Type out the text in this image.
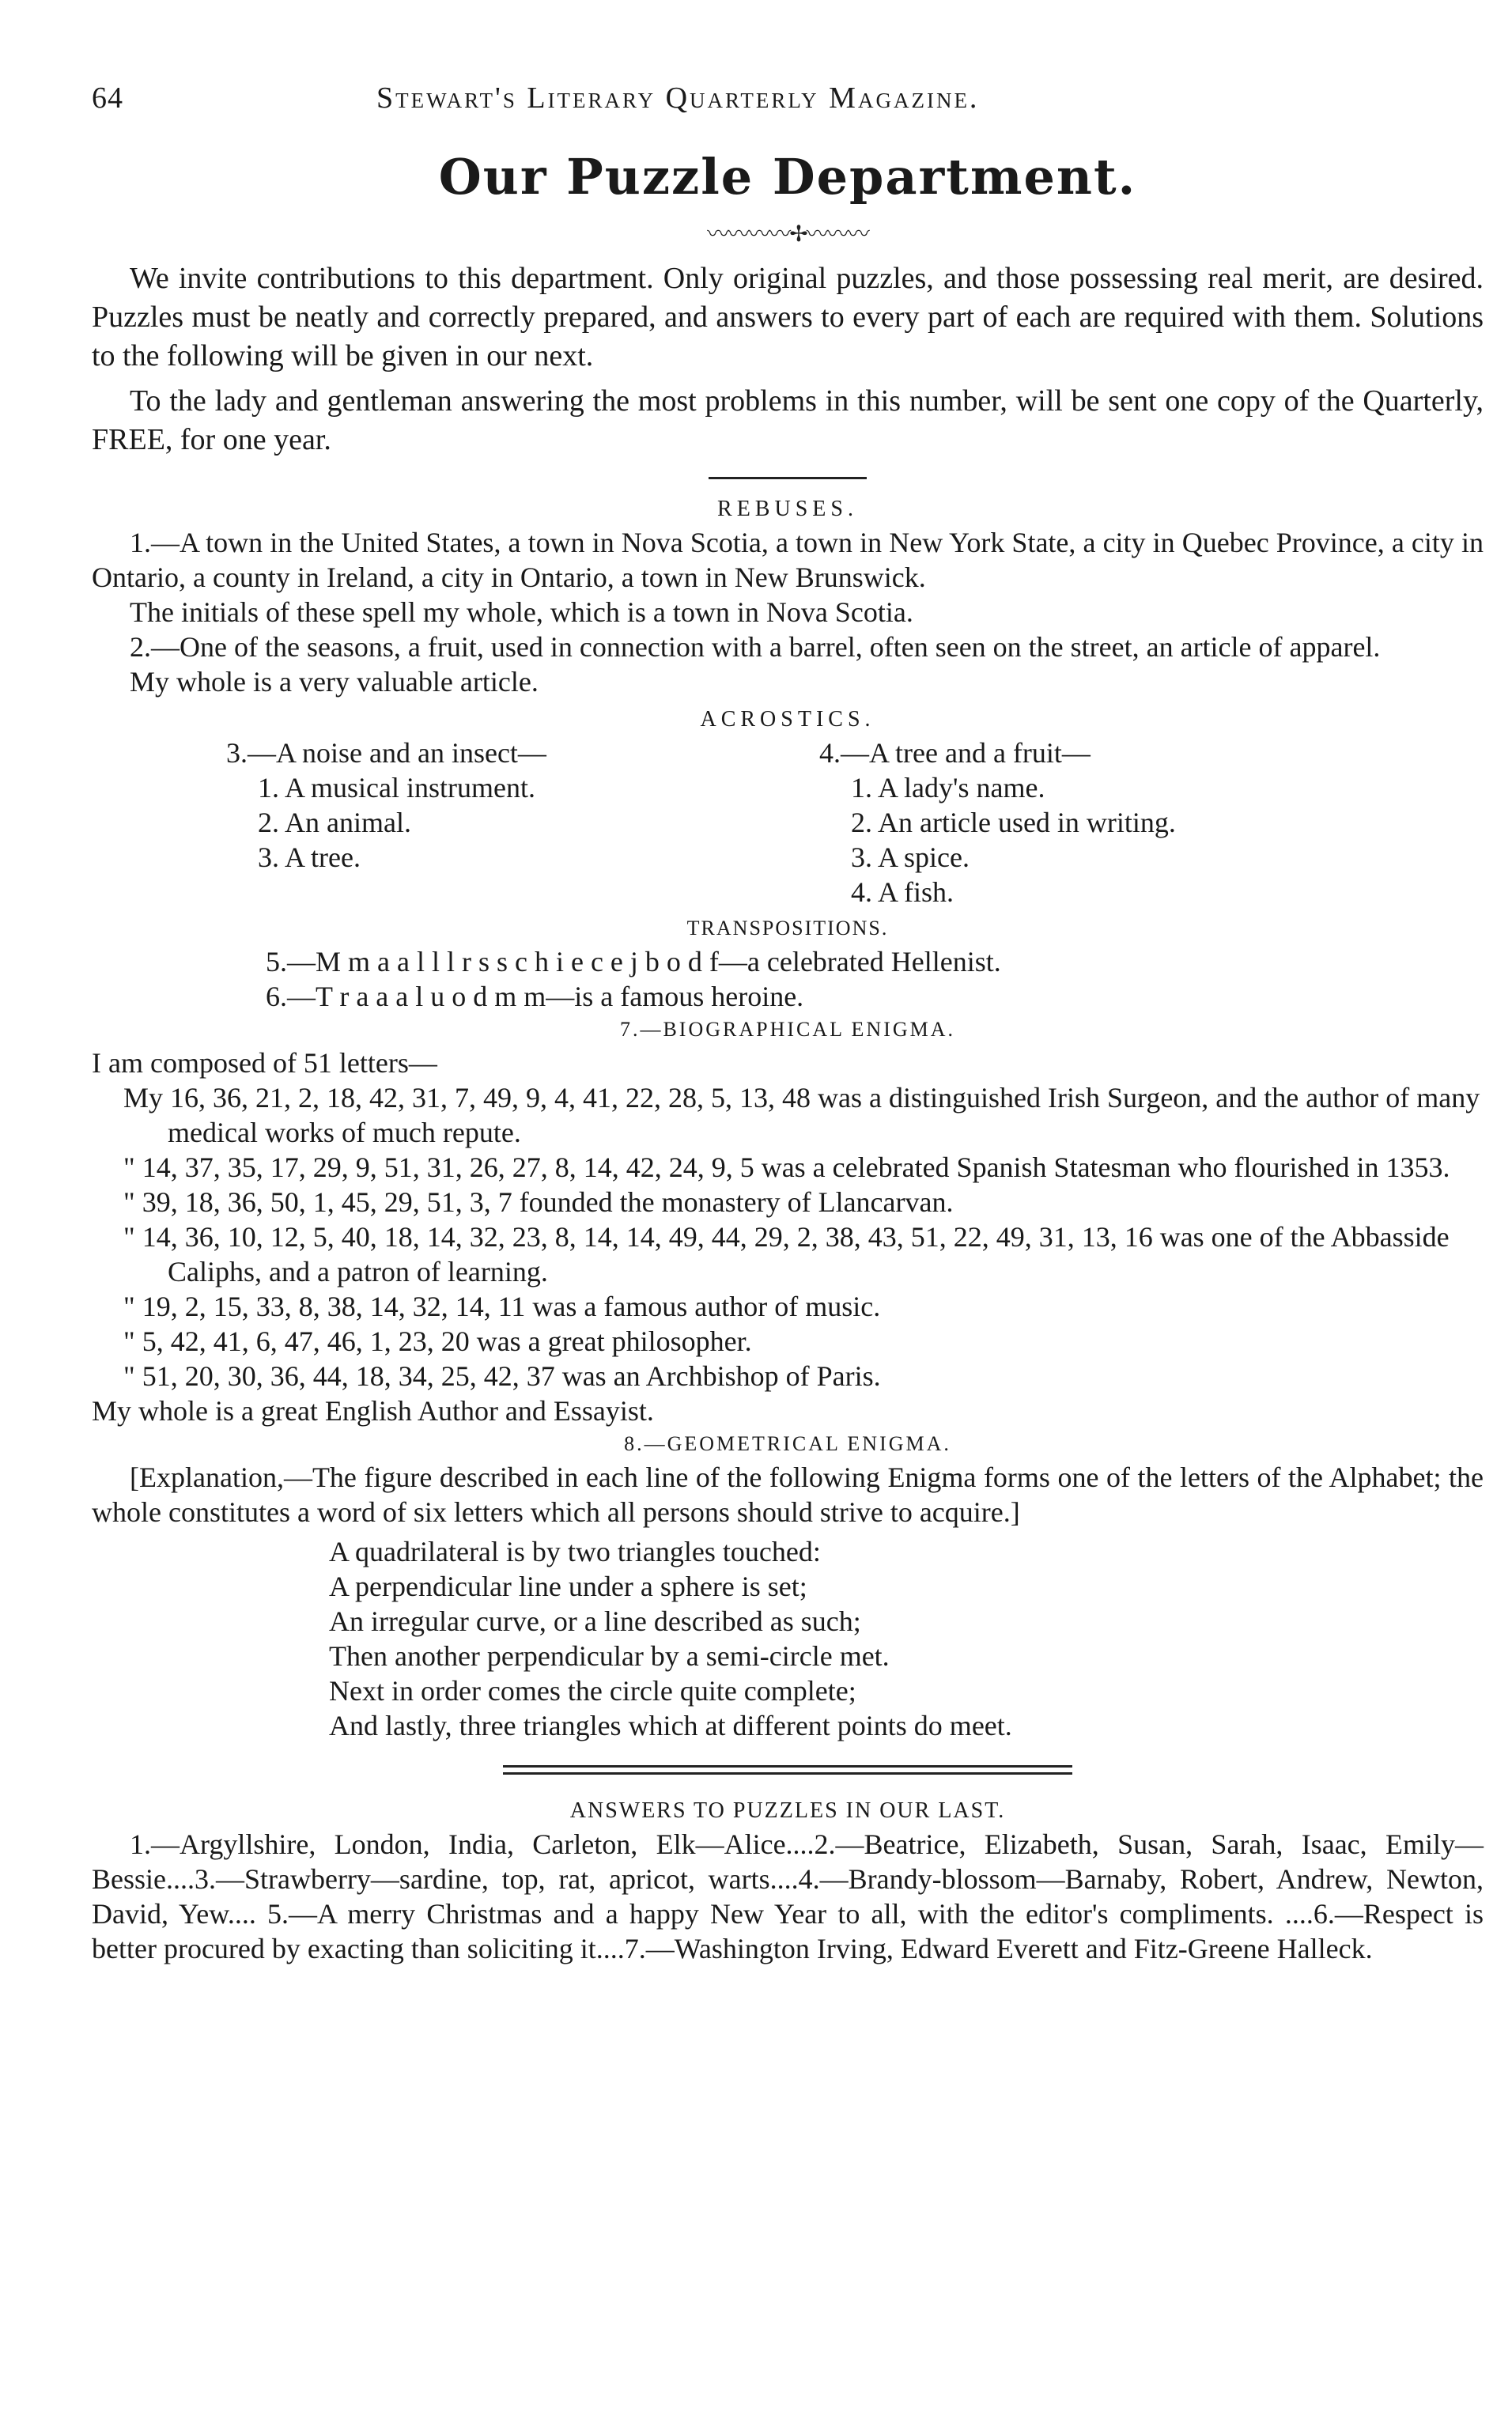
64	Stewart's Literary Quarterly Magazine.
Our Puzzle Department.
〰〰〰〰✢〰〰〰

We invite contributions to this department. Only original puzzles, and those possessing real merit, are desired. Puzzles must be neatly and correctly prepared, and answers to every part of each are required with them. Solutions to the following will be given in our next.

To the lady and gentleman answering the most problems in this number, will be sent one copy of the Quarterly, FREE, for one year.

REBUSES.

1.—A town in the United States, a town in Nova Scotia, a town in New York State, a city in Quebec Province, a city in Ontario, a county in Ireland, a city in Ontario, a town in New Brunswick.

The initials of these spell my whole, which is a town in Nova Scotia.

2.—One of the seasons, a fruit, used in connection with a barrel, often seen on the street, an article of apparel.

My whole is a very valuable article.

ACROSTICS.

3.—A noise and an insect—

1. A musical instrument.

2. An animal.

3. A tree.

4.—A tree and a fruit—

1. A lady's name.

2. An article used in writing.

3. A spice.

4. A fish.

TRANSPOSITIONS.

5.—M m a a l l l r s s c h i e c e j b o d f—a celebrated Hellenist.

6.—T r a a a l u o d m m—is a famous heroine.

7.—BIOGRAPHICAL ENIGMA.

I am composed of 51 letters—

My 16, 36, 21, 2, 18, 42, 31, 7, 49, 9, 4, 41, 22, 28, 5, 13, 48 was a distinguished Irish Surgeon, and the author of many medical works of much repute.

" 14, 37, 35, 17, 29, 9, 51, 31, 26, 27, 8, 14, 42, 24, 9, 5 was a celebrated Spanish Statesman who flourished in 1353.

" 39, 18, 36, 50, 1, 45, 29, 51, 3, 7 founded the monastery of Llancarvan.

" 14, 36, 10, 12, 5, 40, 18, 14, 32, 23, 8, 14, 14, 49, 44, 29, 2, 38, 43, 51, 22, 49, 31, 13, 16 was one of the Abbasside Caliphs, and a patron of learning.

" 19, 2, 15, 33, 8, 38, 14, 32, 14, 11 was a famous author of music.

" 5, 42, 41, 6, 47, 46, 1, 23, 20 was a great philosopher.

" 51, 20, 30, 36, 44, 18, 34, 25, 42, 37 was an Archbishop of Paris.

My whole is a great English Author and Essayist.

8.—GEOMETRICAL ENIGMA.

[Explanation,—The figure described in each line of the following Enigma forms one of the letters of the Alphabet; the whole constitutes a word of six letters which all persons should strive to acquire.]

A quadrilateral is by two triangles touched:

A perpendicular line under a sphere is set;

An irregular curve, or a line described as such;

Then another perpendicular by a semi-circle met.

Next in order comes the circle quite complete;

And lastly, three triangles which at different points do meet.

ANSWERS TO PUZZLES IN OUR LAST.

1.—Argyllshire, London, India, Carleton, Elk—Alice....2.—Beatrice, Elizabeth, Susan, Sarah, Isaac, Emily—Bessie....3.—Strawberry—sardine, top, rat, apricot, warts....4.—Brandy-blossom—Barnaby, Robert, Andrew, Newton, David, Yew.... 5.—A merry Christmas and a happy New Year to all, with the editor's compliments. ....6.—Respect is better procured by exacting than soliciting it....7.—Washington Irving, Edward Everett and Fitz-Greene Halleck.
